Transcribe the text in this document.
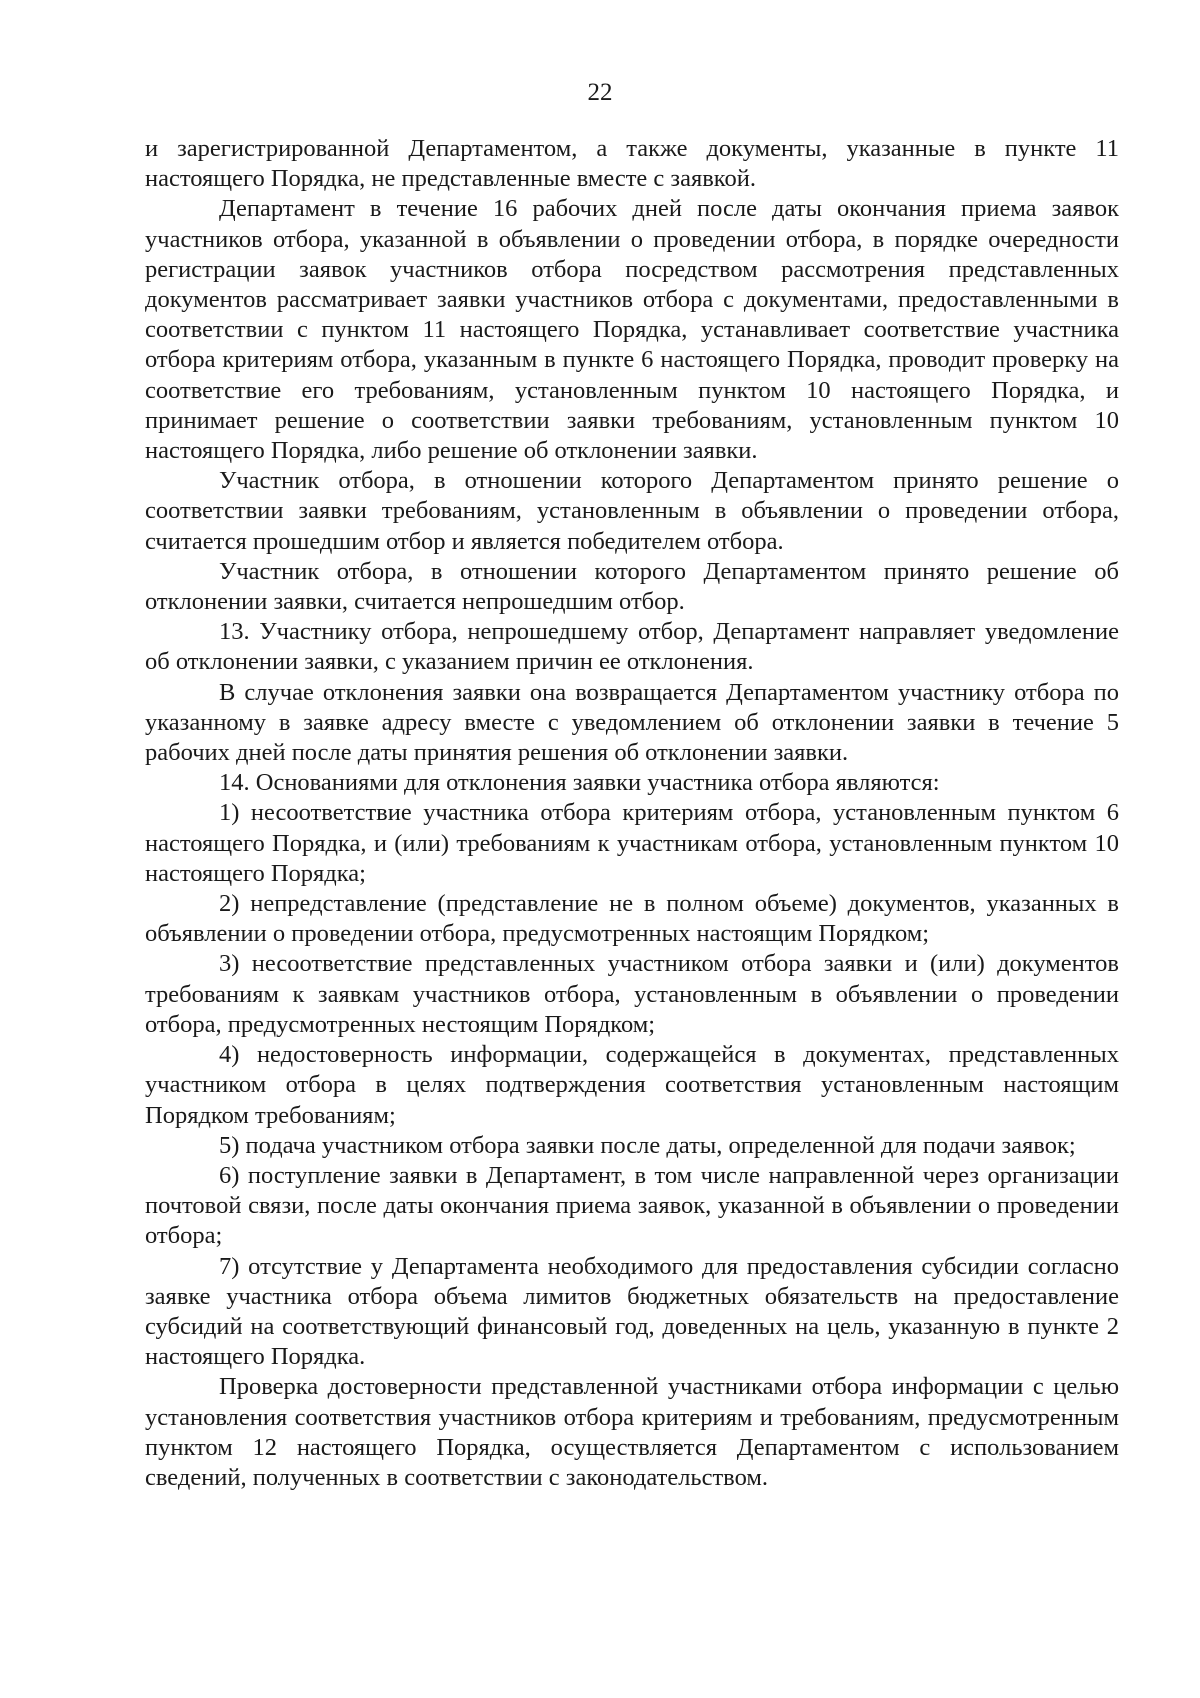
22

и зарегистрированной Департаментом, а также документы, указанные в пункте 11 настоящего Порядка, не представленные вместе с заявкой.

Департамент в течение 16 рабочих дней после даты окончания приема заявок участников отбора, указанной в объявлении о проведении отбора, в порядке очередности регистрации заявок участников отбора посредством рассмотрения представленных документов рассматривает заявки участников отбора с документами, предоставленными в соответствии с пунктом 11 настоящего Порядка, устанавливает соответствие участника отбора критериям отбора, указанным в пункте 6 настоящего Порядка, проводит проверку на соответствие его требованиям, установленным пунктом 10 настоящего Порядка, и принимает решение о соответствии заявки требованиям, установленным пунктом 10 настоящего Порядка, либо решение об отклонении заявки.

Участник отбора, в отношении которого Департаментом принято решение о соответствии заявки требованиям, установленным в объявлении о проведении отбора, считается прошедшим отбор и является победителем отбора.

Участник отбора, в отношении которого Департаментом принято решение об отклонении заявки, считается непрошедшим отбор.

13. Участнику отбора, непрошедшему отбор, Департамент направляет уведомление об отклонении заявки, с указанием причин ее отклонения.

В случае отклонения заявки она возвращается Департаментом участнику отбора по указанному в заявке адресу вместе с уведомлением об отклонении заявки в течение 5 рабочих дней после даты принятия решения об отклонении заявки.

14. Основаниями для отклонения заявки участника отбора являются:

1) несоответствие участника отбора критериям отбора, установленным пунктом 6 настоящего Порядка, и (или) требованиям к участникам отбора, установленным пунктом 10 настоящего Порядка;

2) непредставление (представление не в полном объеме) документов, указанных в объявлении о проведении отбора, предусмотренных настоящим Порядком;

3) несоответствие представленных участником отбора заявки и (или) документов требованиям к заявкам участников отбора, установленным в объявлении о проведении отбора, предусмотренных нестоящим Порядком;

4) недостоверность информации, содержащейся в документах, представленных участником отбора в целях подтверждения соответствия установленным настоящим Порядком требованиям;

5) подача участником отбора заявки после даты, определенной для подачи заявок;

6) поступление заявки в Департамент, в том числе направленной через организации почтовой связи, после даты окончания приема заявок, указанной в объявлении о проведении отбора;

7) отсутствие у Департамента необходимого для предоставления субсидии согласно заявке участника отбора объема лимитов бюджетных обязательств на предоставление субсидий на соответствующий финансовый год, доведенных на цель, указанную в пункте 2 настоящего Порядка.

Проверка достоверности представленной участниками отбора информации с целью установления соответствия участников отбора критериям и требованиям, предусмотренным пунктом 12 настоящего Порядка, осуществляется Департаментом с использованием сведений, полученных в соответствии с законодательством.
